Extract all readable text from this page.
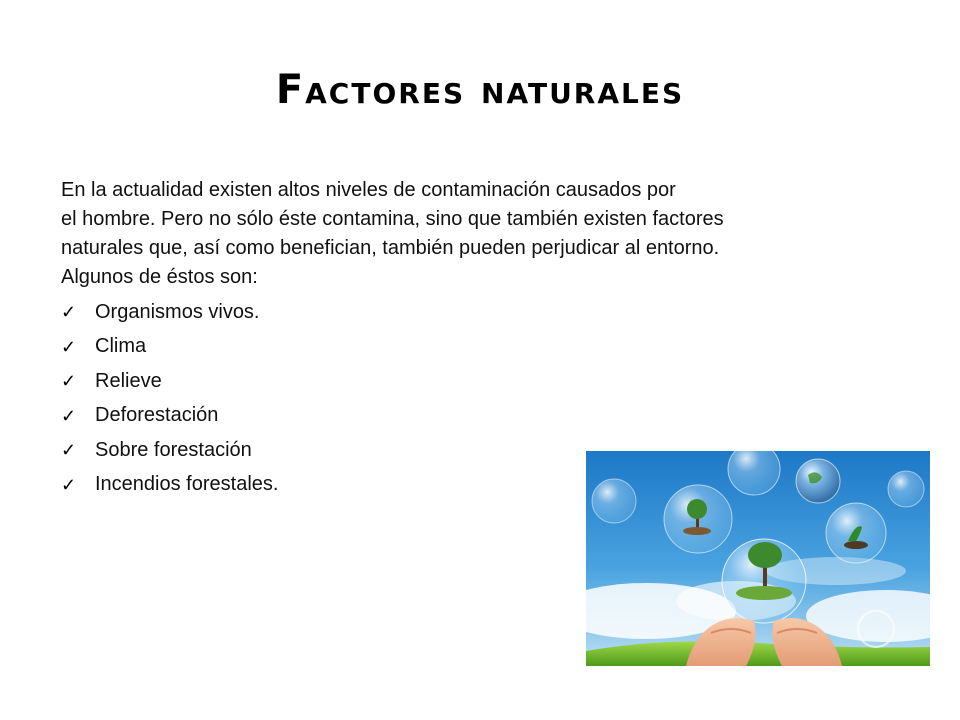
Factores naturales
En la actualidad existen altos niveles de contaminación causados por
el hombre. Pero no sólo éste contamina, sino que también existen factores
naturales que, así como benefician, también pueden perjudicar al entorno.
Algunos de éstos son:
✓ Organismos vivos.
✓ Clima
✓ Relieve
✓ Deforestación
✓ Sobre forestación
✓ Incendios forestales.
